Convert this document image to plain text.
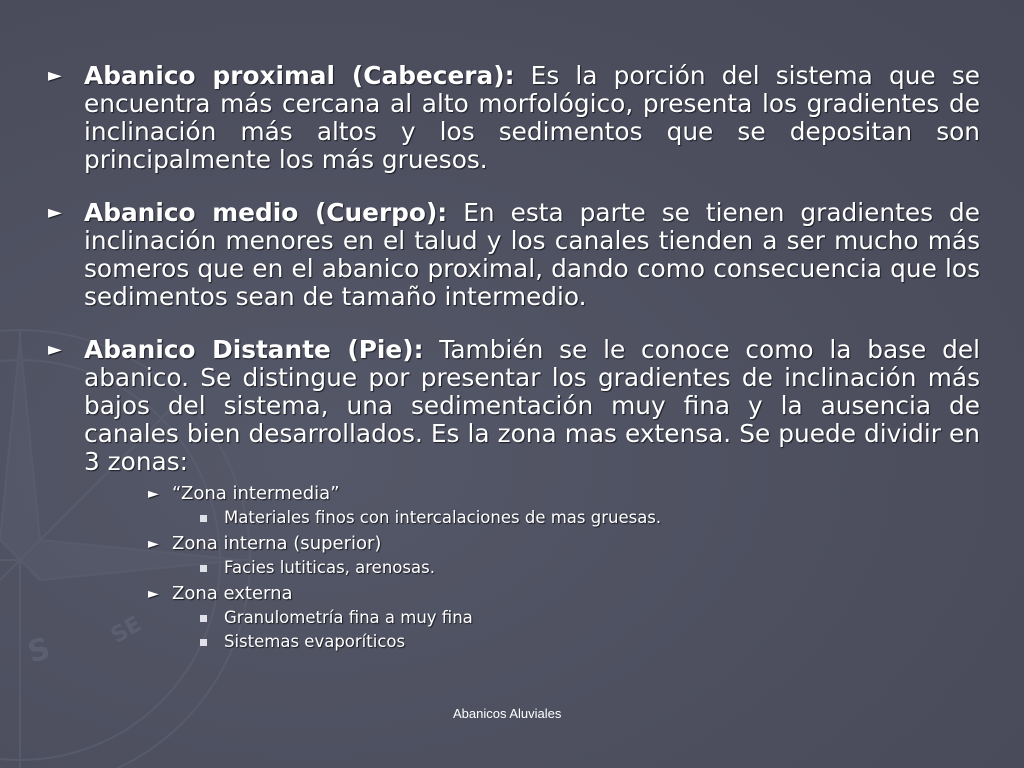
S
SE
► Abanico proximal (Cabecera): Es la porción del sistema que se encuentra más cercana al alto morfológico, presenta los gradientes de inclinación más altos y los sedimentos que se depositan son principalmente los más gruesos.
► Abanico medio (Cuerpo): En esta parte se tienen gradientes de inclinación menores en el talud y los canales tienden a ser mucho más someros que en el abanico proximal, dando como consecuencia que los sedimentos sean de tamaño intermedio.
► Abanico Distante (Pie): También se le conoce como la base del abanico. Se distingue por presentar los gradientes de inclinación más bajos del sistema, una sedimentación muy fina y la ausencia de canales bien desarrollados. Es la zona mas extensa. Se puede dividir en 3 zonas:
► “Zona intermedia”
Materiales finos con intercalaciones de mas gruesas.
► Zona interna (superior)
Facies lutiticas, arenosas.
► Zona externa
Granulometría fina a muy fina
Sistemas evaporíticos
Abanicos Aluviales
